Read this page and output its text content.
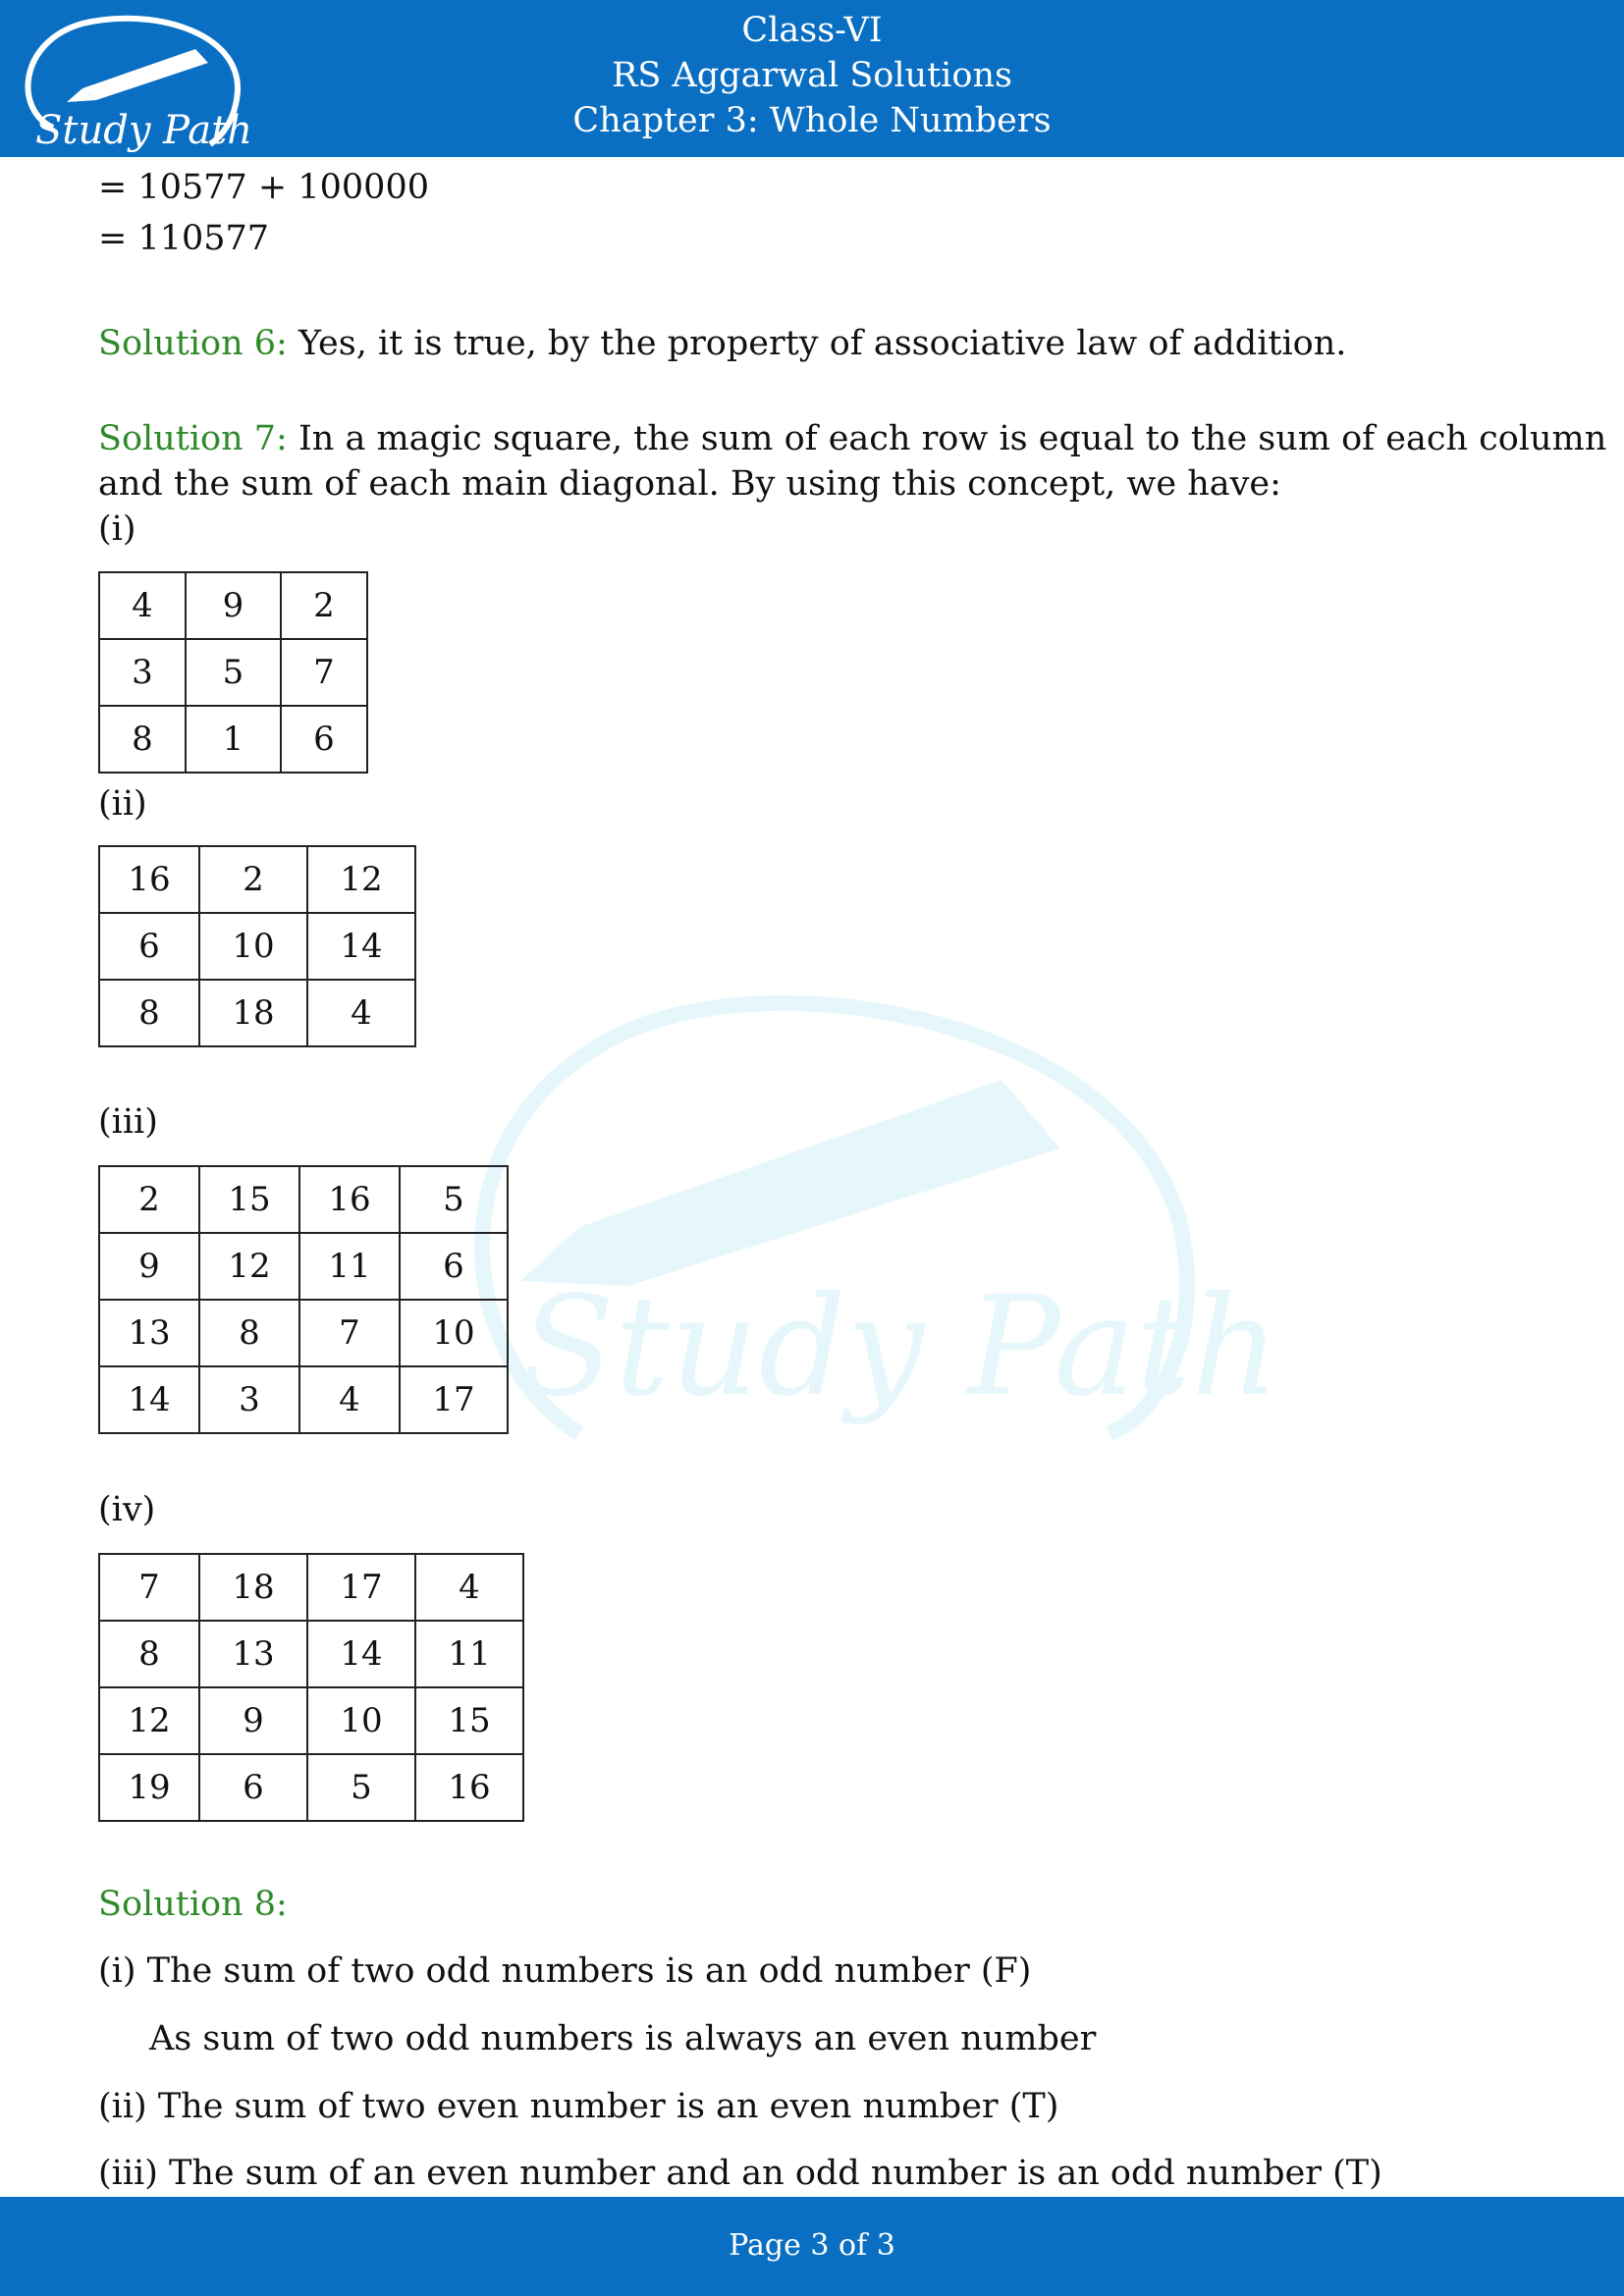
Study Path
Class-VI
RS Aggarwal Solutions
Chapter 3: Whole Numbers
Study Path
= 10577 + 100000
= 110577
Solution 6: Yes, it is true, by the property of associative law of addition.
Solution 7: In a magic square, the sum of each row is equal to the sum of each column
and the sum of each main diagonal. By using this concept, we have:
(i)
4	9	2
3	5	7
8	1	6
(ii)
16	2	12
6	10	14
8	18	4
(iii)
2	15	16	5
9	12	11	6
13	8	7	10
14	3	4	17
(iv)
7	18	17	4
8	13	14	11
12	9	10	15
19	6	5	16
Solution 8:
(i) The sum of two odd numbers is an odd number (F)
As sum of two odd numbers is always an even number
(ii) The sum of two even number is an even number (T)
(iii) The sum of an even number and an odd number is an odd number (T)
Page 3 of 3
